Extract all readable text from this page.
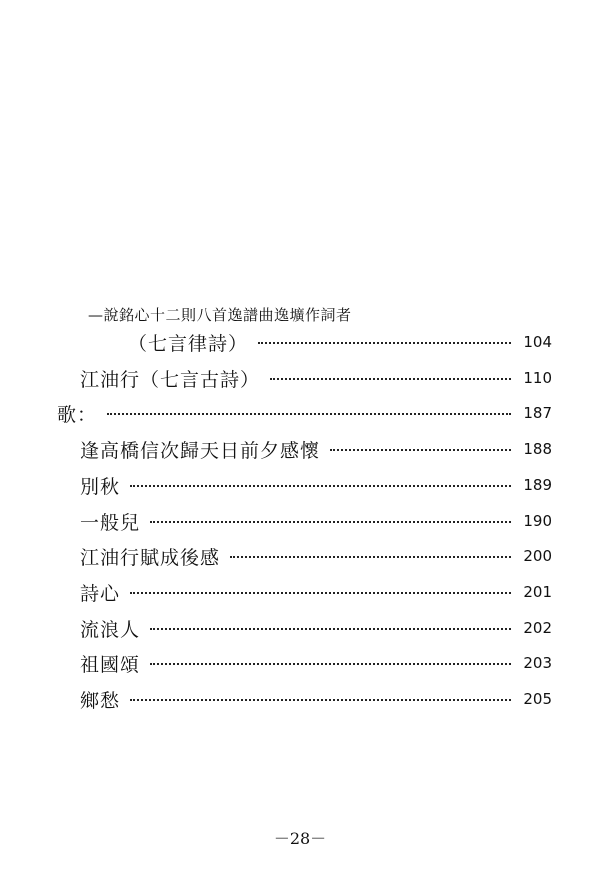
—說銘心十二則八首逸譜曲逸壙作詞者
（七言律詩）	104
江油行（七言古詩）	110
歌：	187
逢高橋信次歸天日前夕感懷	188
別秋	189
一般兒	190
江油行賦成後感	200
詩心	201
流浪人	202
祖國頌	203
鄉愁	205
－28－
